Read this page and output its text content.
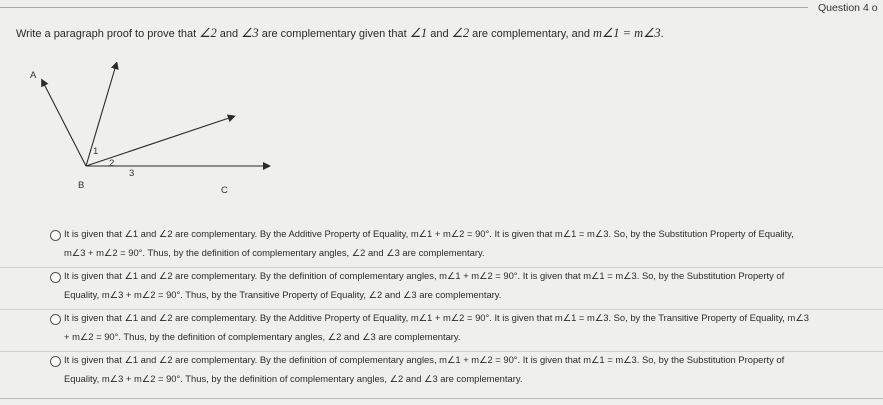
Question 4 o
Write a paragraph proof to prove that ∠2 and ∠3 are complementary given that ∠1 and ∠2 are complementary, and m∠1 = m∠3.
A
B	C
1
2
3
It is given that ∠1 and ∠2 are complementary. By the Additive Property of Equality, m∠1 + m∠2 = 90°. It is given that m∠1 = m∠3. So, by the Substitution Property of Equality,
m∠3 + m∠2 = 90°. Thus, by the definition of complementary angles, ∠2 and ∠3 are complementary.
It is given that ∠1 and ∠2 are complementary. By the definition of complementary angles, m∠1 + m∠2 = 90°. It is given that m∠1 = m∠3. So, by the Substitution Property of
Equality, m∠3 + m∠2 = 90°. Thus, by the Transitive Property of Equality, ∠2 and ∠3 are complementary.
It is given that ∠1 and ∠2 are complementary. By the Additive Property of Equality, m∠1 + m∠2 = 90°. It is given that m∠1 = m∠3. So, by the Transitive Property of Equality, m∠3
+ m∠2 = 90°. Thus, by the definition of complementary angles, ∠2 and ∠3 are complementary.
It is given that ∠1 and ∠2 are complementary. By the definition of complementary angles, m∠1 + m∠2 = 90°. It is given that m∠1 = m∠3. So, by the Substitution Property of
Equality, m∠3 + m∠2 = 90°. Thus, by the definition of complementary angles, ∠2 and ∠3 are complementary.
